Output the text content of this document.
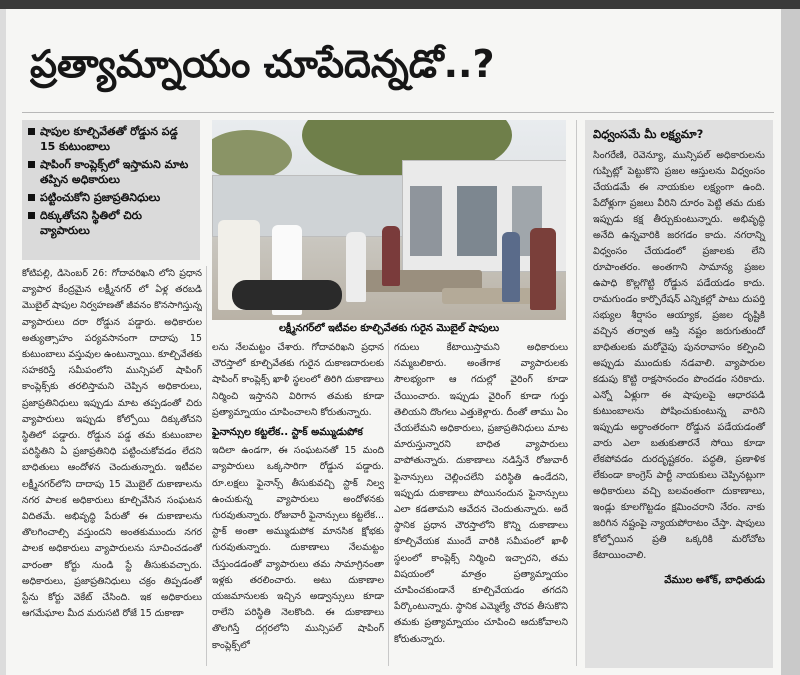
ప్రత్యామ్నాయం చూపేదెన్నడో..?
షాపుల కూల్చివేతతో రోడ్డున పడ్డ 15 కుటుంబాలు
షాపింగ్ కాంప్లెక్స్‌లో ఇస్తామని మాట తప్పిన అధికారులు
పట్టించుకోని ప్రజాప్రతినిధులు
దిక్కుతోచని స్థితిలో చిరు వ్యాపారులు
లక్ష్మీనగర్‌లో ఇటీవల కూల్చివేతకు గురైన మొబైల్ షాపులు
కోటిపల్లి, డిసెంబర్ 26: గోదావరిఖని లోని ప్రధాన వ్యాపార కేంద్రమైన లక్ష్మీనగర్ లో ఏళ్ల తరబడి మొబైల్ షాపుల నిర్వహణతో జీవనం కొనసాగిస్తున్న వ్యాపారులు దరా రోడ్డున పడ్డారు. అధికారుల అత్యుత్సాహం పర్యవసానంగా దాదాపు 15 కుటుంబాలు వస్తువుల ఉంటున్నాయి. కూల్చివేతకు సహకరిస్తే సమీపంలోని మున్సిపల్ షాపింగ్ కాంప్లెక్స్‌కు తరలిస్తామని చెప్పిన అధికారులు, ప్రజాప్రతినిధులు ఇప్పుడు మాట తప్పడంతో చిరు వ్యాపారులు ఇప్పుడు కోల్పోయి దిక్కుతోచని స్థితిలో పడ్డారు. రోడ్డున పడ్డ తమ కుటుంబాల పరిస్థితిని ఏ ప్రజాప్రతినిధి పట్టించుకోవడం లేదని బాధితులు ఆందోళన చెందుతున్నారు. ఇటీవల లక్ష్మీనగర్‌లోని దాదాపు 15 మొబైల్ దుకాణాలను నగర పాలక అధికారులు కూల్చివేసిన సంఘటన విదితమే. అభివృద్ధి పేరుతో ఈ దుకాణాలను తొలగించాల్సి వస్తుందని అంతకుముందు నగర పాలక అధికారులు వ్యాపారులను సూచించడంతో వారంతా కోర్టు నుండి స్టే తీసుకువచ్చారు. అధికారులు, ప్రజాప్రతినిధులు చక్రం తిప్పడంతో స్టేను కోర్టు వెకేట్ చేసింది. ఇక అధికారులు ఆగమేఘాల మీద మరుసటి రోజే 15 దుకాణా
లను నేలమట్టం చేశారు. గోదావరిఖని ప్రధాన చౌరస్తాలో కూల్చివేతకు గురైన దుకాణదారులకు షాపింగ్ కాంప్లెక్స్ ఖాళీ స్థలంలో తిరిగి దుకాణాలు నిర్మించి ఇస్తానని విరిగాన తమకు కూడా ప్రత్యామ్నాయం చూపించాలని కోరుతున్నారు.
ఫైనాన్సుల కట్టలేక.. స్టాక్ అమ్ముడుపోక
ఇదిలా ఉండగా, ఈ సంఘటనతో 15 మంది వ్యాపారులు ఒక్కసారిగా రోడ్డున పడ్డారు. రూ.లక్షలు ఫైనాన్స్ తీసుకువచ్చి స్టాక్ నిల్వ ఉంచుకున్న వ్యాపారులు అందోళనకు గురవుతున్నారు. రోజువారీ ఫైనాన్సులు కట్టలేక... స్టాక్ అంతా అమ్ముడుపోక మానసిక క్షోభకు గురవుతున్నారు. దుకాణాలు నేలమట్టం చేస్తుండడంతో వ్యాపారులు తమ సామాగ్రినంతా ఇళ్లకు తరలించారు. అటు దుకాణాల యజమానులకు ఇచ్చిన అడ్వాన్సులు కూడా రాలేని పరిస్థితి నెలకొంది. ఈ దుకాణాలు తొలగిస్తే దగ్గరలోని మున్సిపల్ షాపింగ్ కాంప్లెక్స్‌లో
గదులు కేటాయిస్తామని అధికారులు నమ్మబలికారు. అంతేగాక వ్యాపారులకు సౌలభ్యంగా ఆ గదుల్లో వైరింగ్ కూడా చేయించారు. ఇప్పుడు వైరింగ్ కూడా గుర్తు తెలియని దొంగలు ఎత్తుకెళ్లారు. దీంతో తాము ఏం చేయలేమని అధికారులు, ప్రజాప్రతినిధులు మాట మారుస్తున్నారని బాధిత వ్యాపారులు వాపోతున్నారు. దుకాణాలు నడిస్తేనే రోజువారీ ఫైనాన్సులు చెల్లించలేని పరిస్థితి ఉండేదని, ఇప్పుడు దుకాణాలు పోయినందున ఫైనాన్సులు ఎలా కడతామని ఆవేదన చెందుతున్నారు. అదే స్థానిక ప్రధాన చౌరస్తాలోని కొన్ని దుకాణాలు కూల్చివేయక ముందే వారికి సమీపంలో ఖాళీ స్థలంలో కాంప్లెక్స్ నిర్మించి ఇచ్చారని, తమ విషయంలో మాత్రం ప్రత్యామ్నాయం చూపించకుండానే కూల్చివేయడం తగదని పేర్కొంటున్నారు. స్థానిక ఎమ్మెల్యే చొరవ తీసుకొని తమకు ప్రత్యామ్నాయం చూపించి ఆదుకోవాలని కోరుతున్నారు.
విధ్వంసమే మీ లక్ష్యమా?
సింగరేణి, రెవెన్యూ, మున్సిపల్ అధికారులను గుప్పిట్లో పెట్టుకొని ప్రజల ఆస్తులను విధ్వంసం చేయడమే ఈ నాయకుల లక్ష్యంగా ఉంది. పేదోళ్లుగా ప్రజలు వీరిని దూరం పెట్టి తమ దుకు ఇప్పుడు కక్ష తీర్చుకుంటున్నారు. అభివృద్ధి అనేది ఉన్నవారికి జరగడం కాదు. నగరాన్ని విధ్వంసం చేయడంలో ప్రజాలకు లేని రూపాంతరం. అంతగాని సామాన్య ప్రజల ఉపాధి కొల్లగొట్టి రోడ్డున పడేయడం కాదు. రామగుండం కార్పొరేషన్ ఎన్నికల్లో పాటు దుపర్తి సభ్యుల శీర్షాసం ఆయ్యాక, ప్రజల దృష్టికి వచ్చిన తర్వాత ఆస్తి నష్టం జరుగుతుందో బాధితులకు మరోవైపు పునరావాసం కల్పించి అప్పుడు ముందుకు నడవాలి. వ్యాపారుల కడుపు కొట్టి రాక్షసానందం పొందడం సరికాదు. ఎన్నో ఏళ్లుగా ఈ షాపులపై ఆధారపడి కుటుంబాలను పోషించుకుంటున్న వారిని ఇప్పుడు అర్ధాంతరంగా రోడ్డున పడేయడంతో వారు ఎలా బతుకుతారనే సోయి కూడా లేకపోవడం దురదృష్టకరం. పద్ధతి, ప్రణాళిక లేకుండా కాంగ్రెస్ పార్టీ నాయకులు చెప్పినట్లుగా అధికారులు వచ్చి బలవంతంగా దుకాణాలు, ఇండ్లు కూలగొట్టడం క్షమించరాని నేరం. నాకు జరిగిన నష్టంపై న్యాయపోరాటం చేస్తా. షాపులు కోల్పోయిన ప్రతి ఒక్కరికి మరోచోట కేటాయించాలి.
వేముల అశోక్, బాధితుడు
